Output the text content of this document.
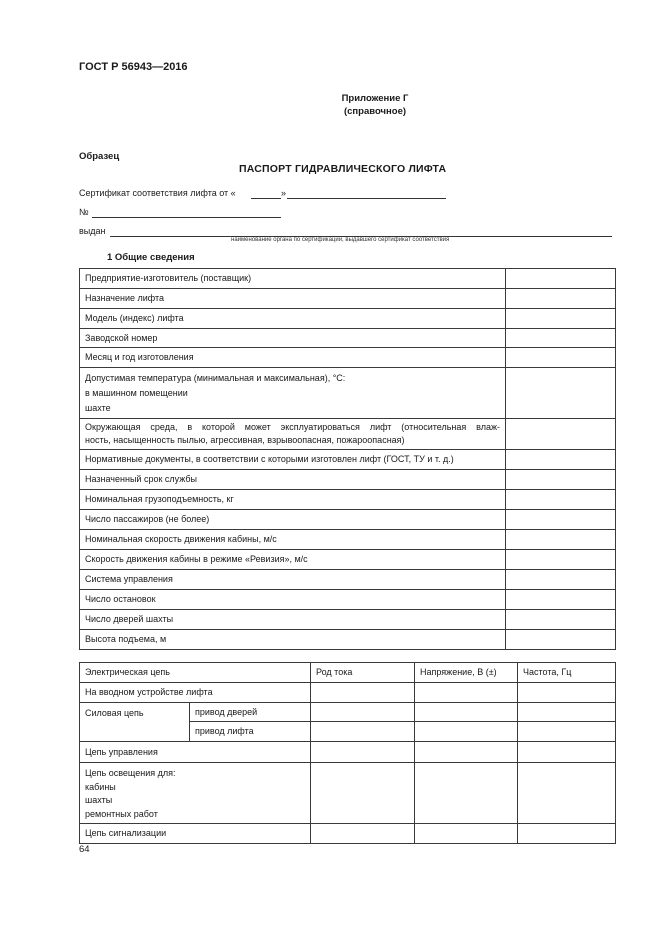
ГОСТ Р 56943—2016
Приложение Г
(справочное)
Образец
ПАСПОРТ ГИДРАВЛИЧЕСКОГО ЛИФТА
Сертификат соответствия лифта от «	»
№
выдан
наименование органа по сертификации, выдавшего сертификат соответствия
1 Общие сведения
Предприятие-изготовитель (поставщик)	
Назначение лифта	
Модель (индекс) лифта	
Заводской номер	
Месяц и год изготовления	

Допустимая температура (минимальная и максимальная), °С:
в машинном помещении
шахте	

Окружающая среда, в которой может эксплуатироваться лифт (относительная влаж-
ность, насыщенность пылью, агрессивная, взрывоопасная, пожароопасная)	

Нормативные документы, в соответствии с которыми изготовлен лифт (ГОСТ, ТУ и т. д.)	
Назначенный срок службы	
Номинальная грузоподъемность, кг	
Число пассажиров (не более)	
Номинальная скорость движения кабины, м/с	
Скорость движения кабины в режиме «Ревизия», м/с	
Система управления	
Число остановок	
Число дверей шахты	
Высота подъема, м	
Электрическая цепь		Род тока	Напряжение, В (±)	Частота, Гц
На вводном устройстве лифта				
Силовая цепь	привод дверей			
	привод лифта			
Цепь управления				

Цепь освещения для:
кабины
шахты
ремонтных работ				

Цепь сигнализации				
64
